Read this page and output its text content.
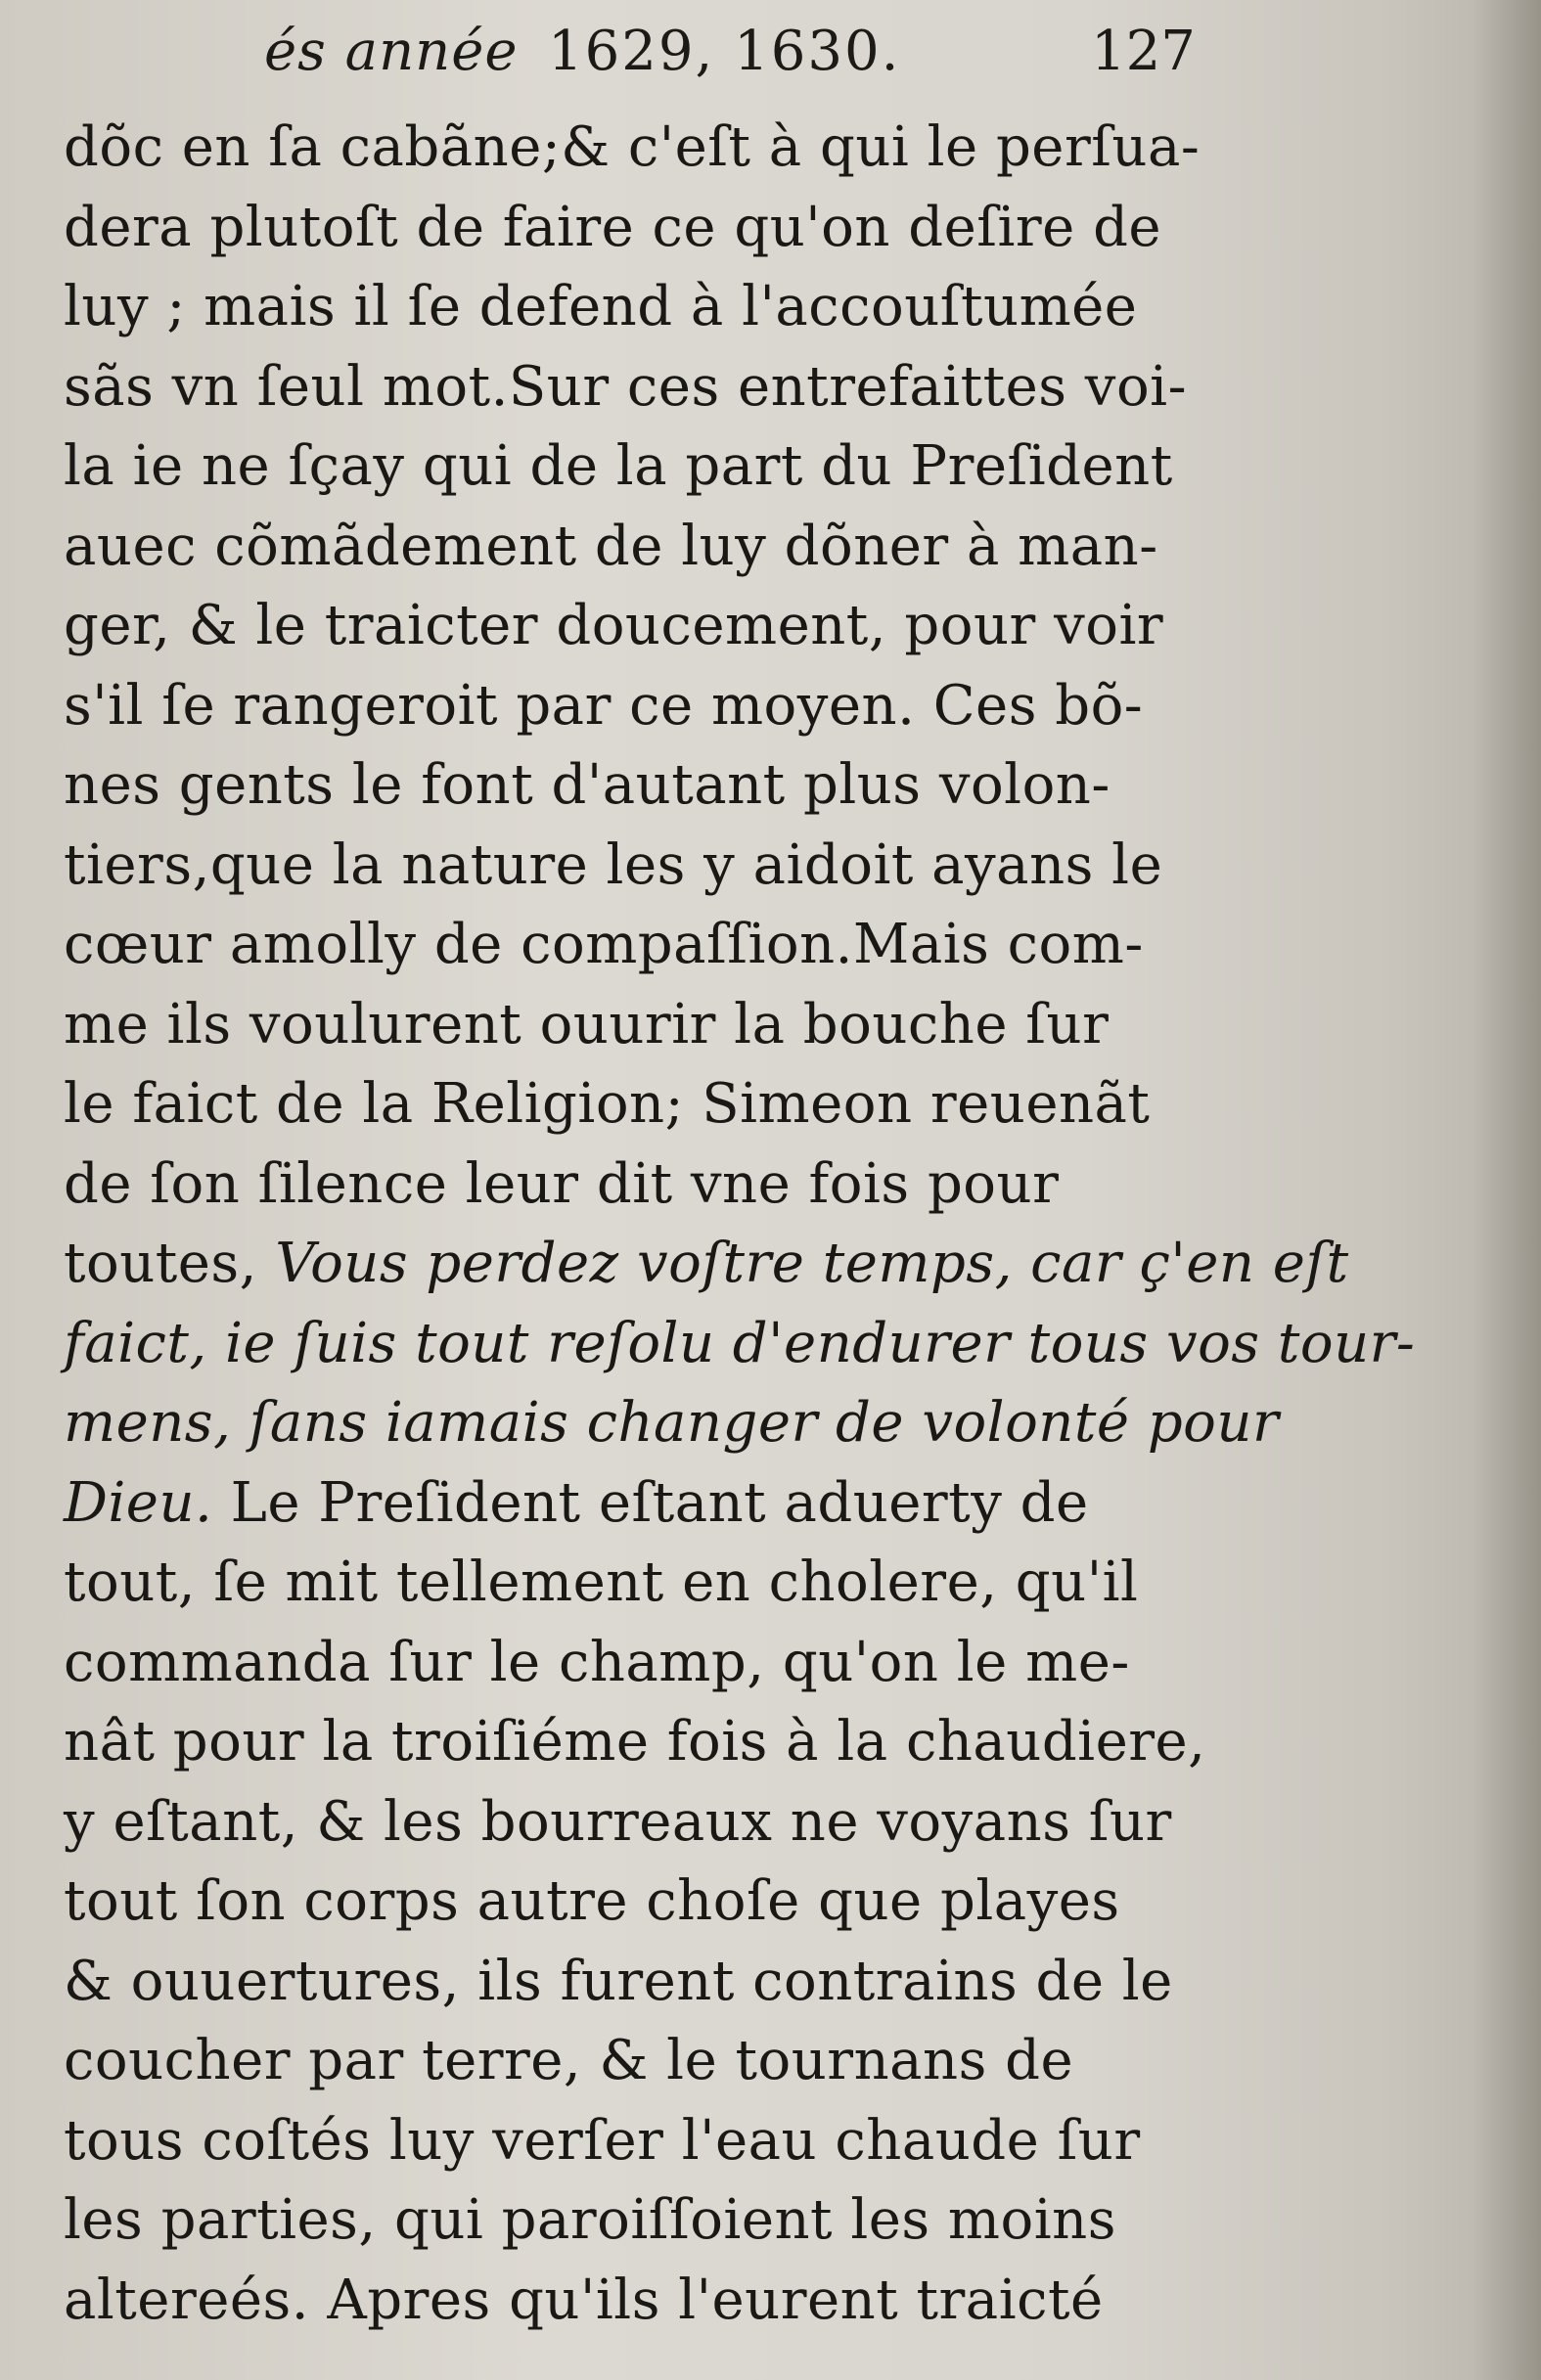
és année 1629, 1630.	127
dõc en ſa cabãne;& c'eſt à qui le perſua-
dera plutoſt de faire ce qu'on deſire de
luy ; mais il ſe defend à l'accouſtumée
sãs vn ſeul mot.Sur ces entrefaittes voi-
la ie ne ſçay qui de la part du Preſident
auec cõmãdement de luy dõner à man-
ger, & le traicter doucement, pour voir
s'il ſe rangeroit par ce moyen. Ces bõ-
nes gents le font d'autant plus volon-
tiers,que la nature les y aidoit ayans le
cœur amolly de compaſſion.Mais com-
me ils voulurent ouurir la bouche ſur
le faict de la Religion; Simeon reuenãt
de ſon ſilence leur dit vne fois pour
toutes, Vous perdez voſtre temps, car ç'en eſt
faict, ie ſuis tout reſolu d'endurer tous vos tour-
mens, ſans iamais changer de volonté pour
Dieu. Le Preſident eſtant aduerty de
tout, ſe mit tellement en cholere, qu'il
commanda ſur le champ, qu'on le me-
nât pour la troiſiéme fois à la chaudiere,
y eſtant, & les bourreaux ne voyans ſur
tout ſon corps autre choſe que playes
& ouuertures, ils furent contrains de le
coucher par terre, & le tournans de
tous coſtés luy verſer l'eau chaude ſur
les parties, qui paroiſſoient les moins
altereés. Apres qu'ils l'eurent traicté
